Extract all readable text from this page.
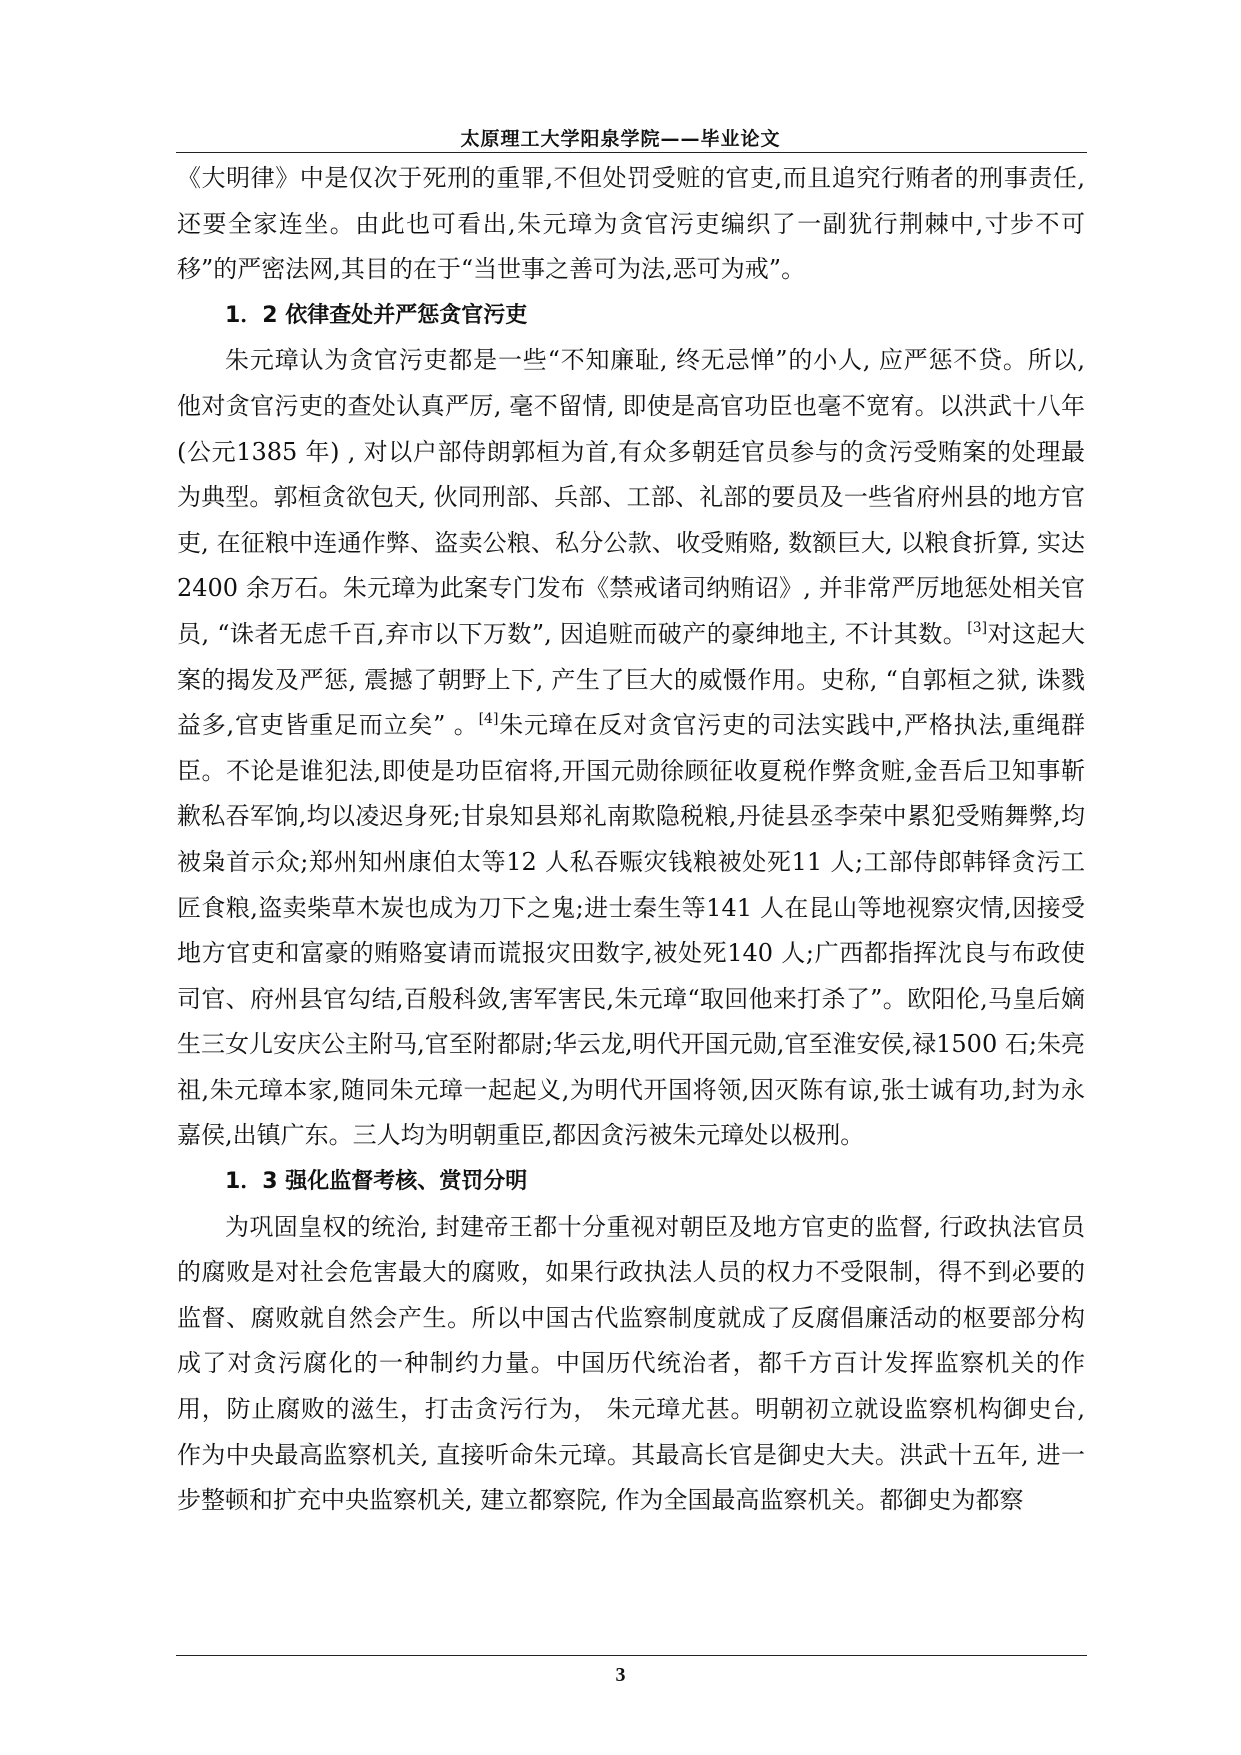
太原理工大学阳泉学院——毕业论文

《大明律》中是仅次于死刑的重罪,不但处罚受赃的官吏,而且追究行贿者的刑事责任,还要全家连坐。由此也可看出,朱元璋为贪官污吏编织了一副犹行荆棘中,寸步不可移”的严密法网,其目的在于“当世事之善可为法,恶可为戒”。

1．2 依律查处并严惩贪官污吏

朱元璋认为贪官污吏都是一些“不知廉耻, 终无忌惮”的小人, 应严惩不贷。所以, 他对贪官污吏的查处认真严厉, 毫不留情, 即使是高官功臣也毫不宽宥。以洪武十八年(公元1385 年) , 对以户部侍朗郭桓为首,有众多朝廷官员参与的贪污受贿案的处理最为典型。郭桓贪欲包天, 伙同刑部、兵部、工部、礼部的要员及一些省府州县的地方官吏, 在征粮中连通作弊、盗卖公粮、私分公款、收受贿赂, 数额巨大, 以粮食折算, 实达2400 余万石。朱元璋为此案专门发布《禁戒诸司纳贿诏》, 并非常严厉地惩处相关官员, “诛者无虑千百,弃市以下万数”, 因追赃而破产的豪绅地主, 不计其数。[3]对这起大案的揭发及严惩, 震撼了朝野上下, 产生了巨大的威慑作用。史称, “自郭桓之狱, 诛戮益多,官吏皆重足而立矣” 。[4]朱元璋在反对贪官污吏的司法实践中,严格执法,重绳群臣。不论是谁犯法,即使是功臣宿将,开国元勋徐顾征收夏税作弊贪赃,金吾后卫知事靳歉私吞军饷,均以凌迟身死;甘泉知县郑礼南欺隐税粮,丹徒县丞李荣中累犯受贿舞弊,均被枭首示众;郑州知州康伯太等12 人私吞赈灾钱粮被处死11 人;工部侍郎韩铎贪污工匠食粮,盗卖柴草木炭也成为刀下之鬼;进士秦生等141 人在昆山等地视察灾情,因接受地方官吏和富豪的贿赂宴请而谎报灾田数字,被处死140 人;广西都指挥沈良与布政使司官、府州县官勾结,百般科敛,害军害民,朱元璋“取回他来打杀了”。欧阳伦,马皇后嫡生三女儿安庆公主附马,官至附都尉;华云龙,明代开国元勋,官至淮安侯,禄1500 石;朱亮祖,朱元璋本家,随同朱元璋一起起义,为明代开国将领,因灭陈有谅,张士诚有功,封为永嘉侯,出镇广东。三人均为明朝重臣,都因贪污被朱元璋处以极刑。

1．3 强化监督考核、赏罚分明

为巩固皇权的统治, 封建帝王都十分重视对朝臣及地方官吏的监督, 行政执法官员的腐败是对社会危害最大的腐败，如果行政执法人员的权力不受限制，得不到必要的监督、腐败就自然会产生。所以中国古代监察制度就成了反腐倡廉活动的枢要部分构成了对贪污腐化的一种制约力量。中国历代统治者，都千方百计发挥监察机关的作用，防止腐败的滋生，打击贪污行为， 朱元璋尤甚。明朝初立就设监察机构御史台, 作为中央最高监察机关, 直接听命朱元璋。其最高长官是御史大夫。洪武十五年, 进一步整顿和扩充中央监察机关, 建立都察院, 作为全国最高监察机关。都御史为都察

3
